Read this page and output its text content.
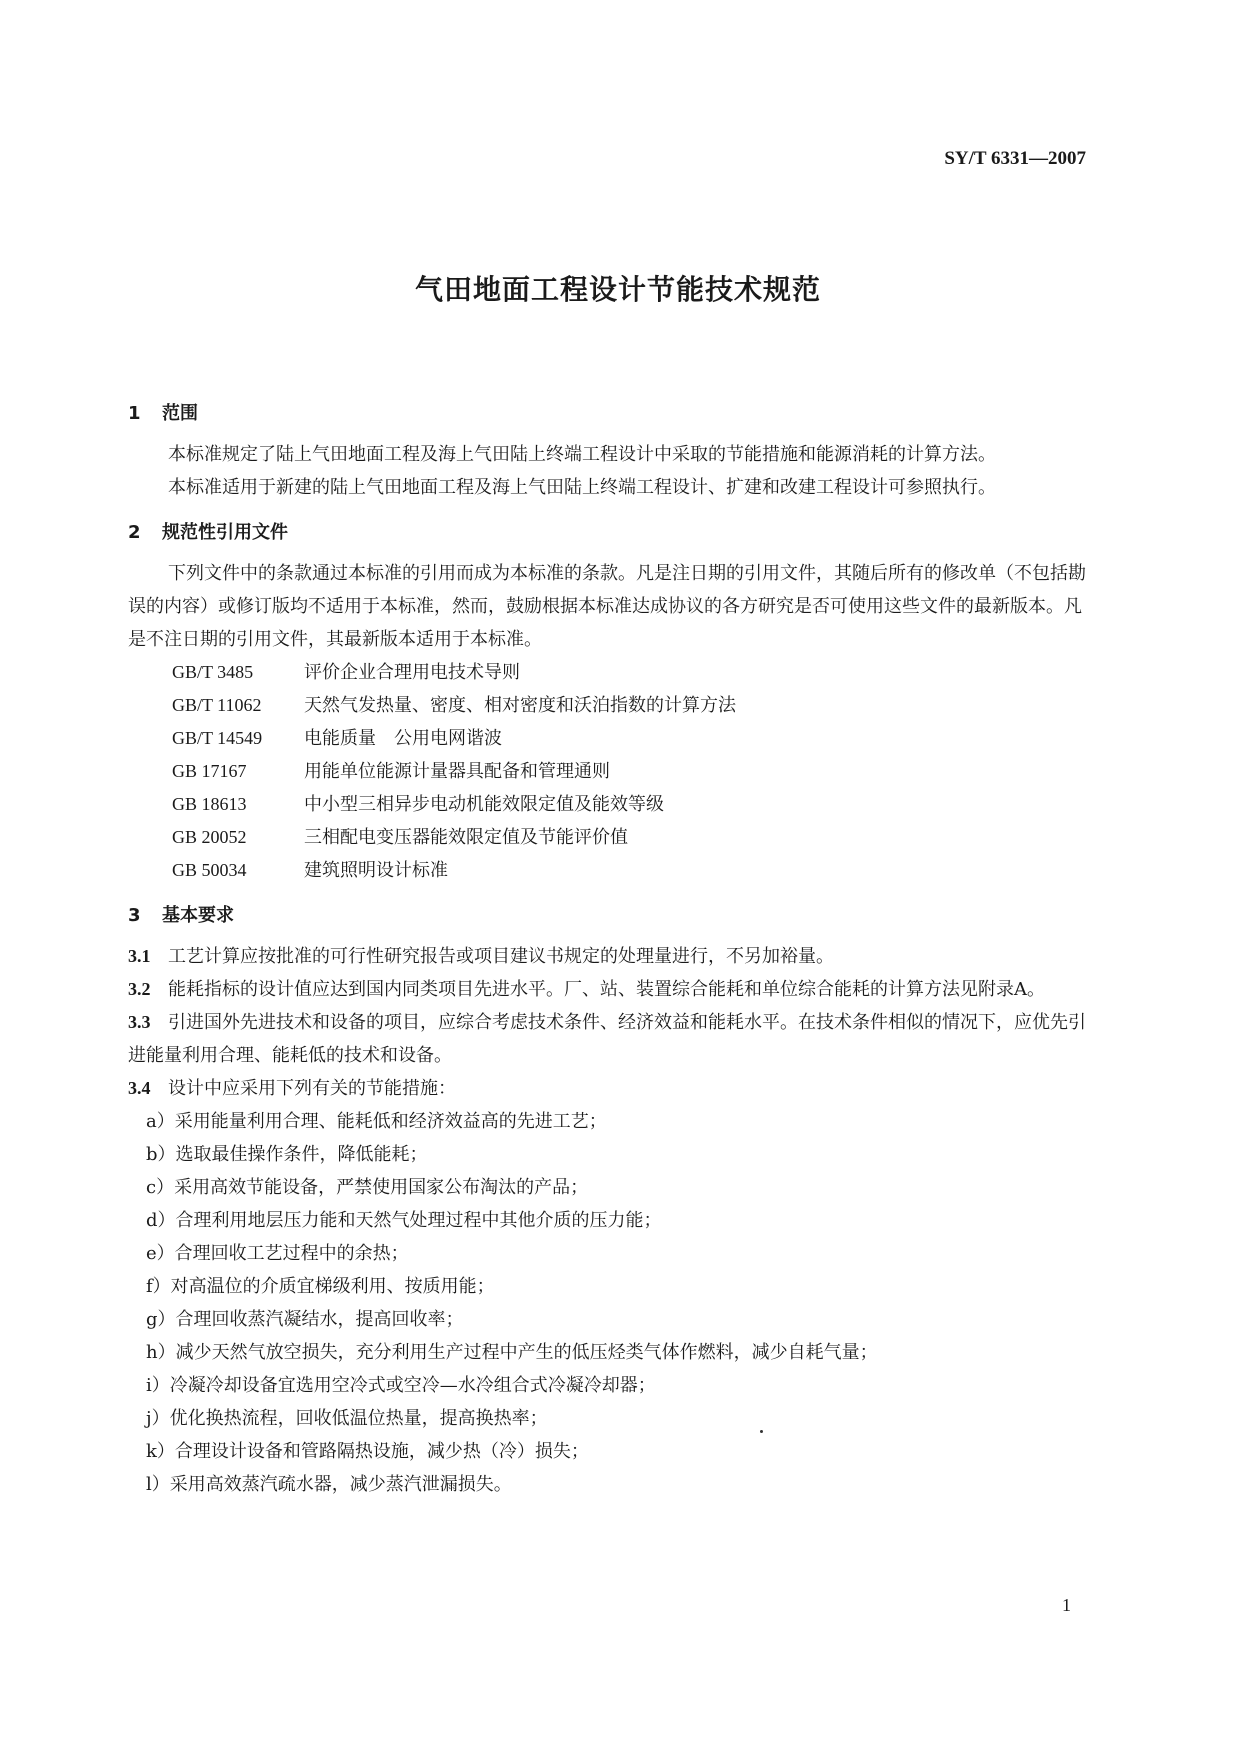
SY/T 6331—2007
气田地面工程设计节能技术规范
1 范围

本标准规定了陆上气田地面工程及海上气田陆上终端工程设计中采取的节能措施和能源消耗的计算方法。

本标准适用于新建的陆上气田地面工程及海上气田陆上终端工程设计、扩建和改建工程设计可参照执行。

2 规范性引用文件

下列文件中的条款通过本标准的引用而成为本标准的条款。凡是注日期的引用文件，其随后所有的修改单（不包括勘误的内容）或修订版均不适用于本标准，然而，鼓励根据本标准达成协议的各方研究是否可使用这些文件的最新版本。凡是不注日期的引用文件，其最新版本适用于本标准。

GB/T 3485	评价企业合理用电技术导则
GB/T 11062	天然气发热量、密度、相对密度和沃泊指数的计算方法
GB/T 14549	电能质量　公用电网谐波
GB 17167	用能单位能源计量器具配备和管理通则
GB 18613	中小型三相异步电动机能效限定值及能效等级
GB 20052	三相配电变压器能效限定值及节能评价值
GB 50034	建筑照明设计标准
3 基本要求

3.1 工艺计算应按批准的可行性研究报告或项目建议书规定的处理量进行，不另加裕量。

3.2 能耗指标的设计值应达到国内同类项目先进水平。厂、站、装置综合能耗和单位综合能耗的计算方法见附录A。

3.3 引进国外先进技术和设备的项目，应综合考虑技术条件、经济效益和能耗水平。在技术条件相似的情况下，应优先引进能量利用合理、能耗低的技术和设备。

3.4 设计中应采用下列有关的节能措施：

a）采用能量利用合理、能耗低和经济效益高的先进工艺；
b）选取最佳操作条件，降低能耗；
c）采用高效节能设备，严禁使用国家公布淘汰的产品；
d）合理利用地层压力能和天然气处理过程中其他介质的压力能；
e）合理回收工艺过程中的余热；
f）对高温位的介质宜梯级利用、按质用能；
g）合理回收蒸汽凝结水，提高回收率；
h）减少天然气放空损失，充分利用生产过程中产生的低压烃类气体作燃料，减少自耗气量；
i）冷凝冷却设备宜选用空冷式或空冷—水冷组合式冷凝冷却器；
j）优化换热流程，回收低温位热量，提高换热率；
k）合理设计设备和管路隔热设施，减少热（冷）损失；
l）采用高效蒸汽疏水器，减少蒸汽泄漏损失。
1
